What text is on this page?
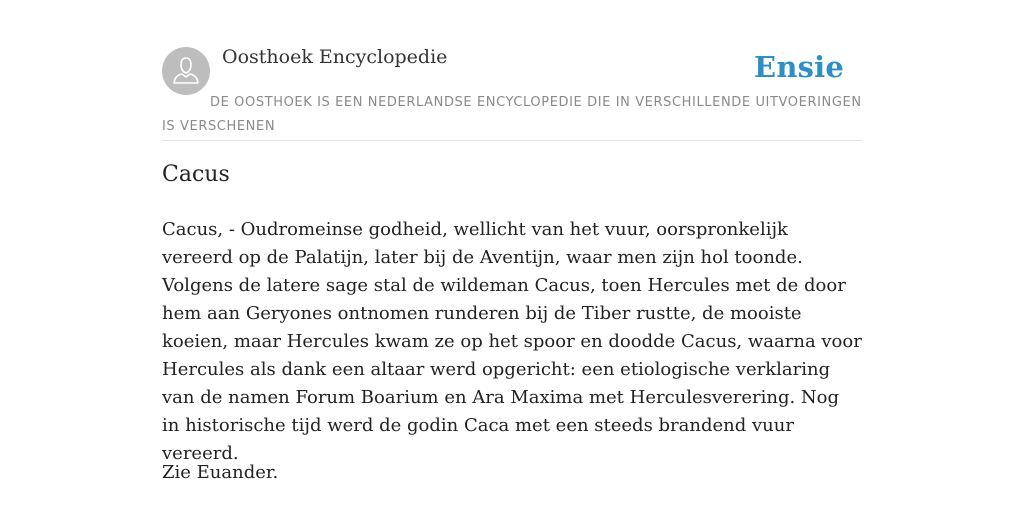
Oosthoek Encyclopedie	Ensie
DE OOSTHOEK IS EEN NEDERLANDSE ENCYCLOPEDIE DIE IN VERSCHILLENDE UITVOERINGEN IS VERSCHENEN
Cacus

Cacus, - Oudromeinse godheid, wellicht van het vuur, oorspronkelijk vereerd op de Palatijn, later bij de Aventijn, waar men zijn hol toonde. Volgens de latere sage stal de wildeman Cacus, toen Hercules met de door hem aan Geryones ontnomen runderen bij de Tiber rustte, de mooiste koeien, maar Hercules kwam ze op het spoor en doodde Cacus, waarna voor Hercules als dank een altaar werd opgericht: een etiologische verklaring van de namen Forum Boarium en Ara Maxima met Herculesverering. Nog in historische tijd werd de godin Caca met een steeds brandend vuur vereerd.

Zie Euander.
